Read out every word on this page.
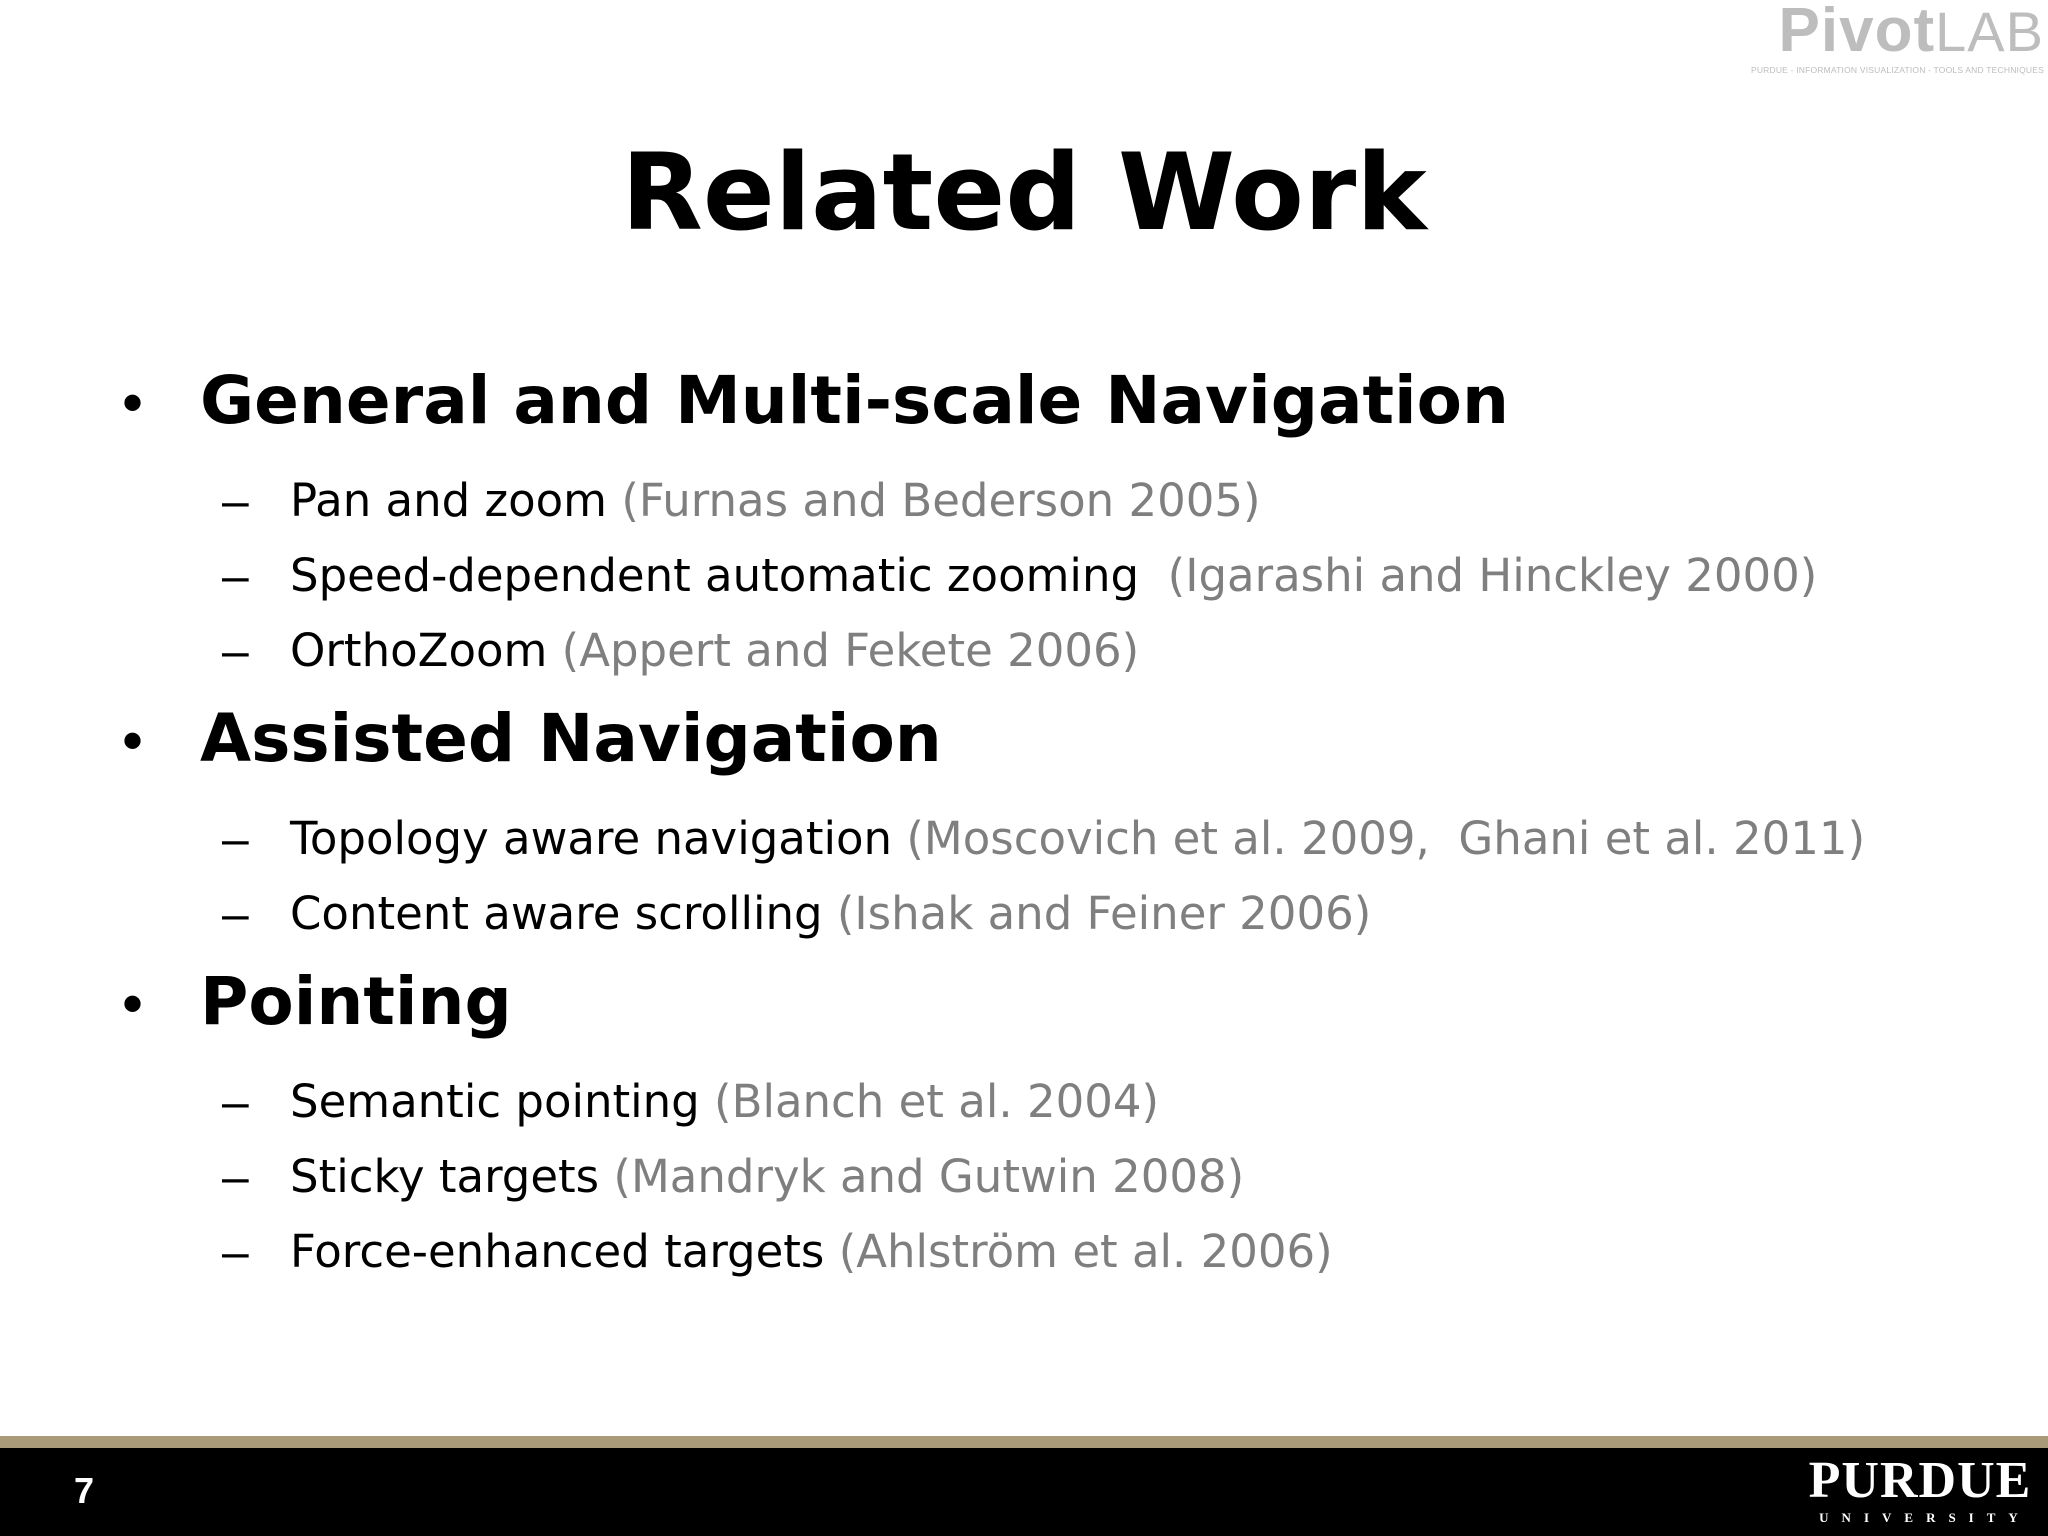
PivotLAB
PURDUE - INFORMATION VISUALIZATION - TOOLS AND TECHNIQUES
Related Work
• General and Multi-scale Navigation
– Pan and zoom (Furnas and Bederson 2005)
– Speed-dependent automatic zooming  (Igarashi and Hinckley 2000)
– OrthoZoom (Appert and Fekete 2006)
• Assisted Navigation
– Topology aware navigation (Moscovich et al. 2009,  Ghani et al. 2011)
– Content aware scrolling (Ishak and Feiner 2006)
• Pointing
– Semantic pointing (Blanch et al. 2004)
– Sticky targets (Mandryk and Gutwin 2008)
– Force-enhanced targets (Ahlström et al. 2006)
7	PURDUE
UNIVERSITY
